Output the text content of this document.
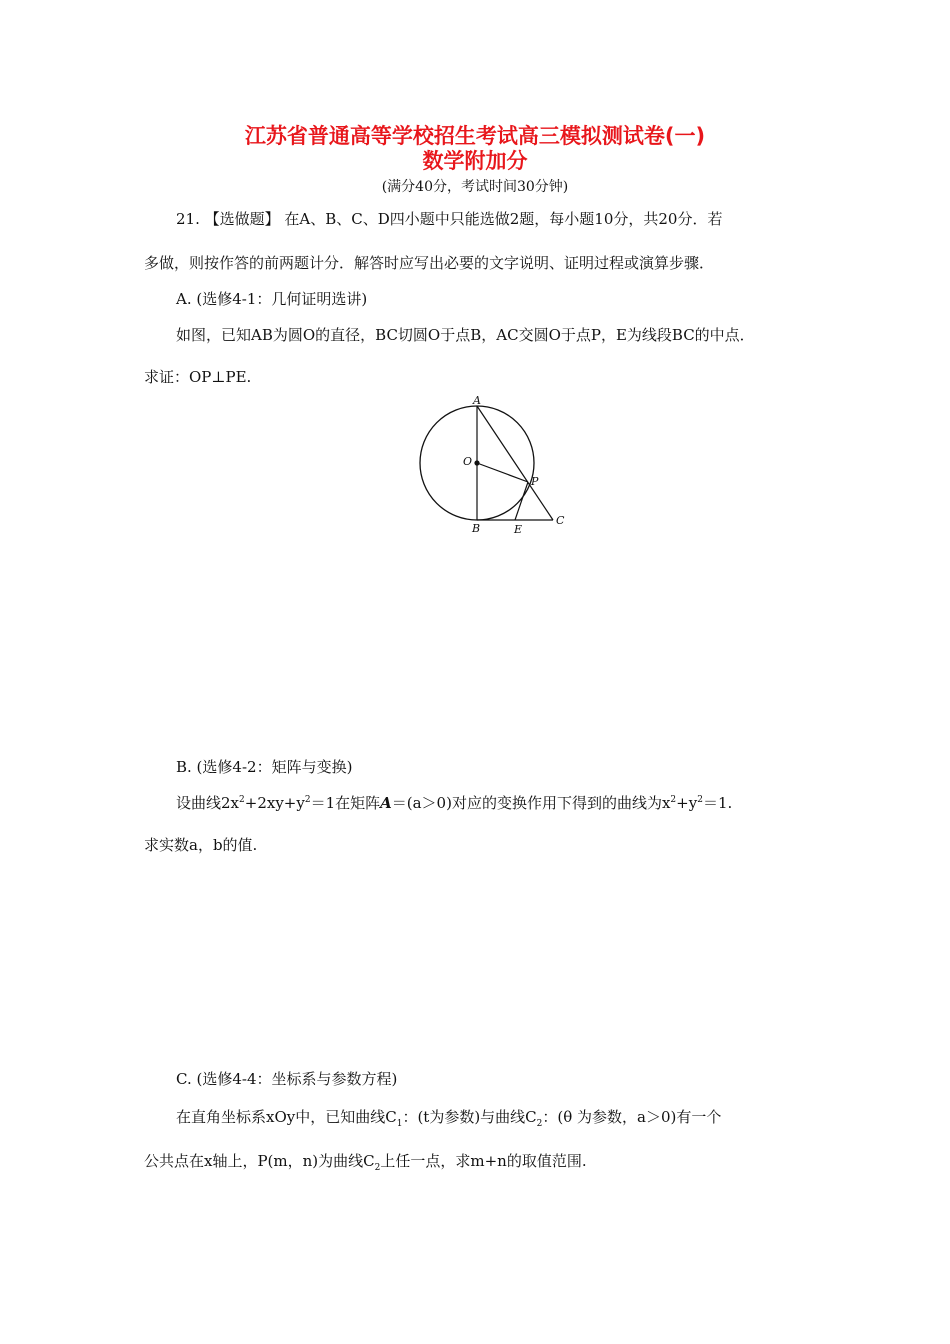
江苏省普通高等学校招生考试高三模拟测试卷(一)
数学附加分
(满分40分，考试时间30分钟)
21. 【选做题】 在A、B、C、D四小题中只能选做2题，每小题10分，共20分．若
多做，则按作答的前两题计分．解答时应写出必要的文字说明、证明过程或演算步骤．
A. (选修4-1：几何证明选讲)
如图，已知AB为圆O的直径，BC切圆O于点B，AC交圆O于点P，E为线段BC的中点．
求证：OP⊥PE.
A
O
P
B	E
C
B. (选修4-2：矩阵与变换)
设曲线$2x^2+2xy+y^2=1$在矩阵A＝(a＞0)对应的变换作用下得到的曲线为$x^2+y^2=1$.
求实数a，b的值.
C. (选修4-4：坐标系与参数方程)
在直角坐标系xOy中，已知曲线$C_1$：(t为参数)与曲线$C_2$：(θ 为参数，a＞0)有一个
公共点在x轴上，P(m，n)为曲线$C_2$上任一点，求m+n的取值范围.
